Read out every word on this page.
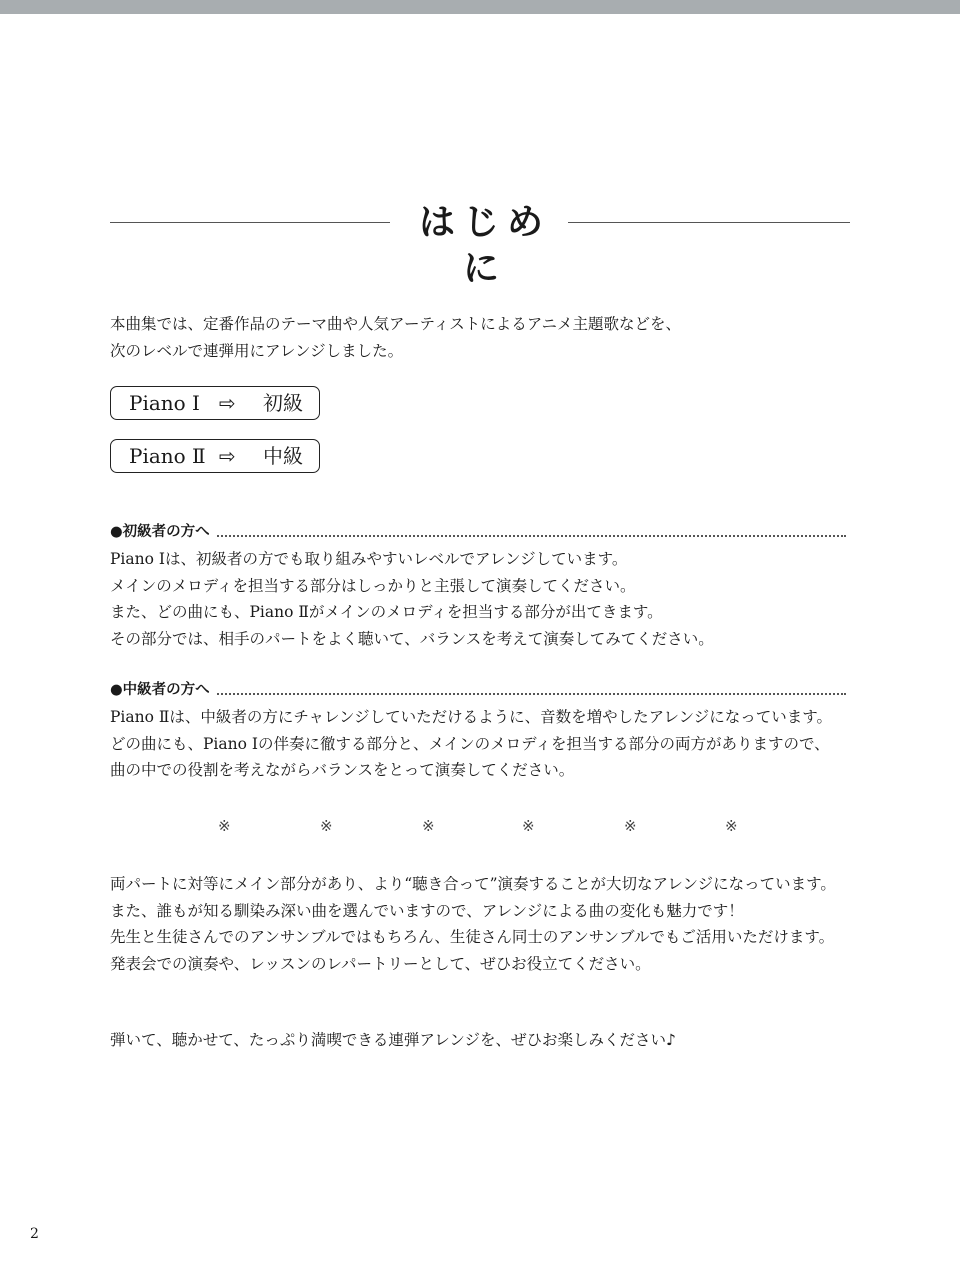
はじめに

本曲集では、定番作品のテーマ曲や人気アーティストによるアニメ主題歌などを、

次のレベルで連弾用にアレンジしました。

Piano Ⅰ ⇨ 初級
Piano Ⅱ ⇨ 中級
●初級者の方へ

Piano Ⅰは、初級者の方でも取り組みやすいレベルでアレンジしています。

メインのメロディを担当する部分はしっかりと主張して演奏してください。

また、どの曲にも、Piano Ⅱがメインのメロディを担当する部分が出てきます。

その部分では、相手のパートをよく聴いて、バランスを考えて演奏してみてください。

●中級者の方へ

Piano Ⅱは、中級者の方にチャレンジしていただけるように、音数を増やしたアレンジになっています。

どの曲にも、Piano Ⅰの伴奏に徹する部分と、メインのメロディを担当する部分の両方がありますので、

曲の中での役割を考えながらバランスをとって演奏してください。

※	※	※	※	※	※

両パートに対等にメイン部分があり、より“聴き合って”演奏することが大切なアレンジになっています。

また、誰もが知る馴染み深い曲を選んでいますので、アレンジによる曲の変化も魅力です！

先生と生徒さんでのアンサンブルではもちろん、生徒さん同士のアンサンブルでもご活用いただけます。

発表会での演奏や、レッスンのレパートリーとして、ぜひお役立てください。

弾いて、聴かせて、たっぷり満喫できる連弾アレンジを、ぜひお楽しみください♪
2
